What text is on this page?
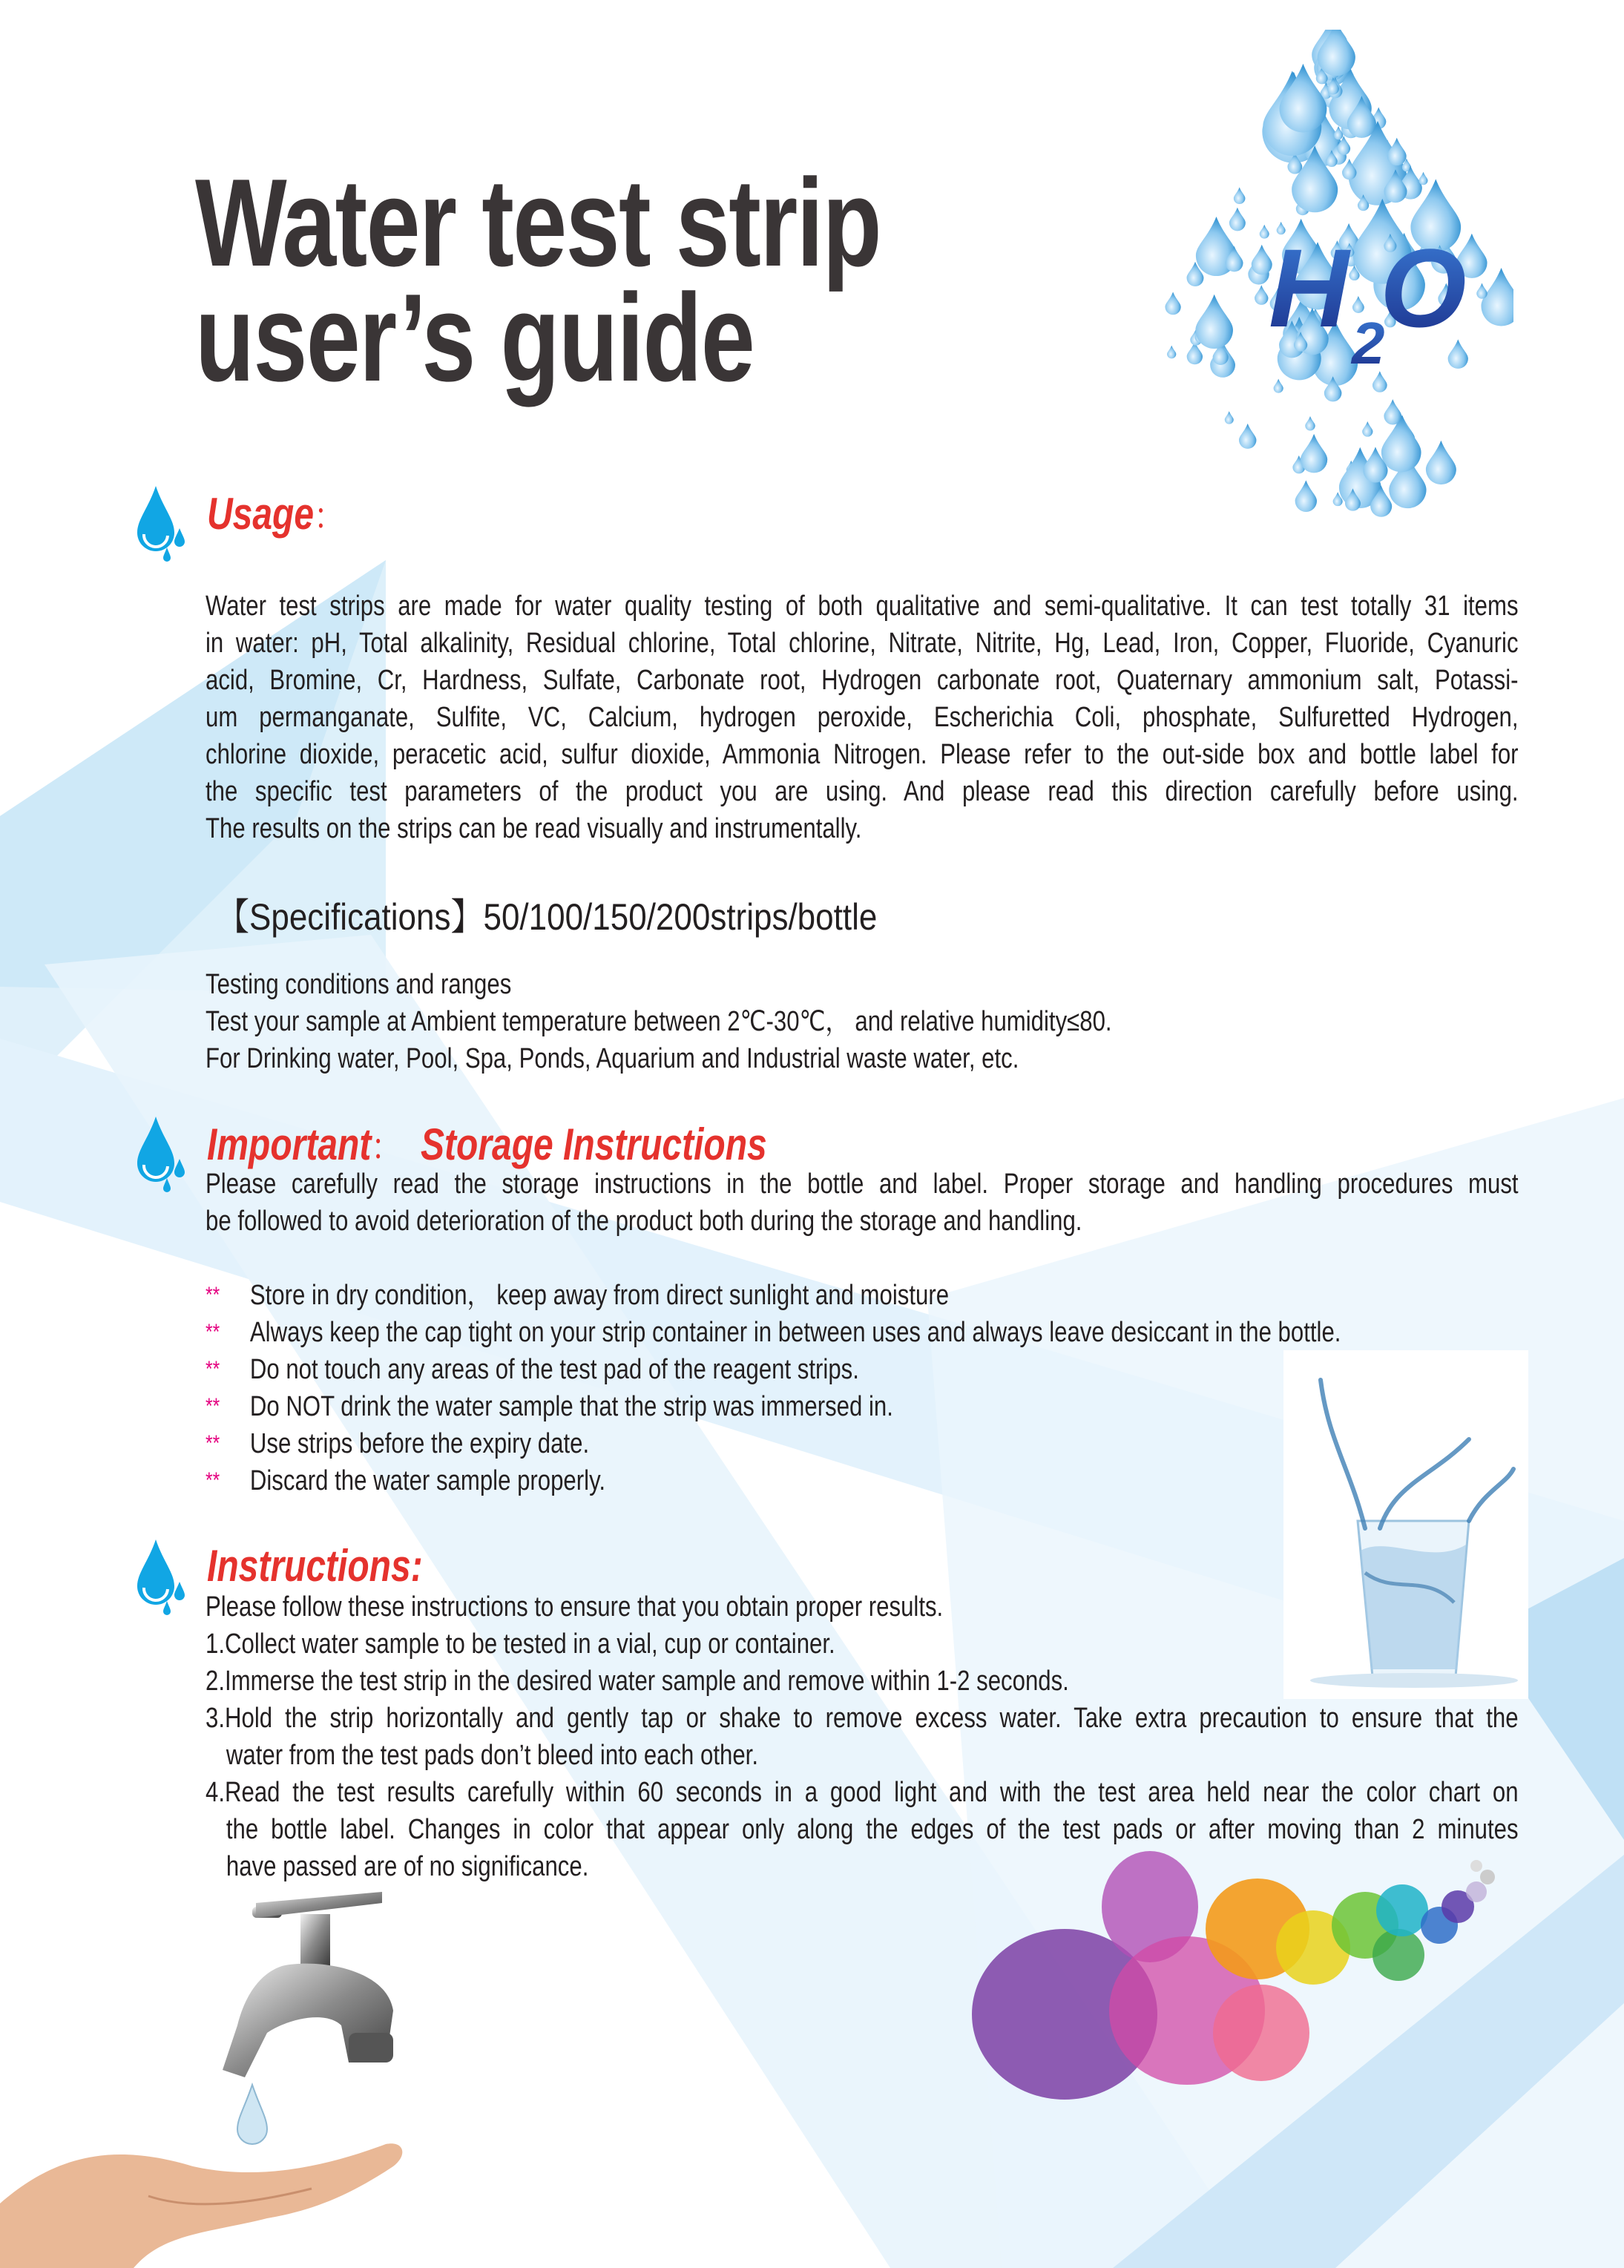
Water test strip
user’s guide	H 2
O
Usage：
Water test strips are made for water quality testing of both qualitative and semi-qualitative. It can test totally 31 items
in water: pH, Total alkalinity, Residual chlorine, Total chlorine, Nitrate, Nitrite, Hg, Lead, Iron, Copper, Fluoride, Cyanuric
acid, Bromine, Cr, Hardness, Sulfate, Carbonate root, Hydrogen carbonate root, Quaternary ammonium salt, Potassi-
um permanganate, Sulfite, VC, Calcium, hydrogen peroxide, Escherichia Coli, phosphate, Sulfuretted Hydrogen,
chlorine dioxide, peracetic acid, sulfur dioxide, Ammonia Nitrogen. Please refer to the out-side box and bottle label for
the specific test parameters of the product you are using. And please read this direction carefully before using.
The results on the strips can be read visually and instrumentally.
【Specifications】50/100/150/200strips/bottle
Testing conditions and ranges
Test your sample at Ambient temperature between 2℃-30℃， and relative humidity≤80.
For Drinking water, Pool, Spa, Ponds, Aquarium and Industrial waste water, etc.
Important： Storage Instructions
Please carefully read the storage instructions in the bottle and label. Proper storage and handling procedures must
be followed to avoid deterioration of the product both during the storage and handling.
** Store in dry condition， keep away from direct sunlight and moisture
** Always keep the cap tight on your strip container in between uses and always leave desiccant in the bottle.
** Do not touch any areas of the test pad of the reagent strips.
** Do NOT drink the water sample that the strip was immersed in.
** Use strips before the expiry date.
** Discard the water sample properly.
Instructions:
Please follow these instructions to ensure that you obtain proper results.
1.Collect water sample to be tested in a vial, cup or container.
2.Immerse the test strip in the desired water sample and remove within 1-2 seconds.
3.Hold the strip horizontally and gently tap or shake to remove excess water. Take extra precaution to ensure that the
water from the test pads don’t bleed into each other.
4.Read the test results carefully within 60 seconds in a good light and with the test area held near the color chart on
the bottle label. Changes in color that appear only along the edges of the test pads or after moving than 2 minutes
have passed are of no significance.
